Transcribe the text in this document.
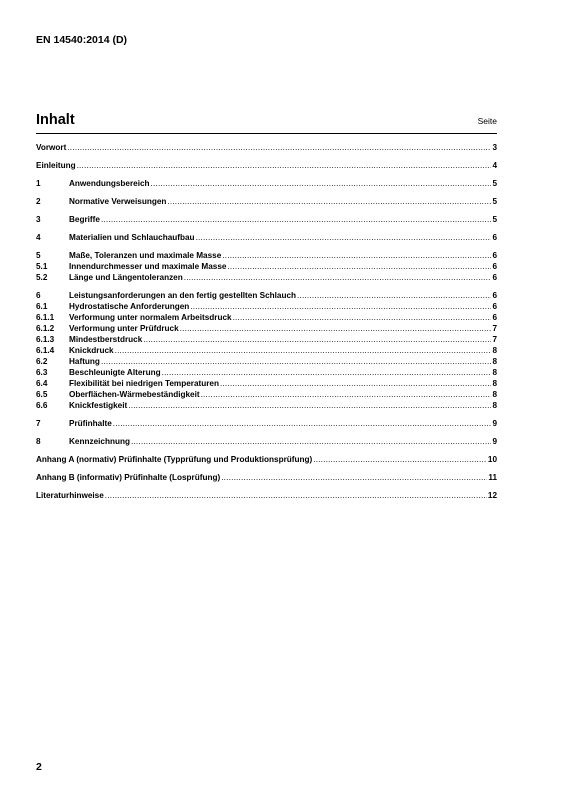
EN 14540:2014 (D)
Inhalt	Seite
Vorwort .....	3
Einleitung .....	4
1	Anwendungsbereich .....	5
2	Normative Verweisungen .....	5
3	Begriffe .....	5
4	Materialien und Schlauchaufbau .....	6
5	Maße, Toleranzen und maximale Masse .....	6
5.1	Innendurchmesser und maximale Masse .....	6
5.2	Länge und Längentoleranzen .....	6
6	Leistungsanforderungen an den fertig gestellten Schlauch .....	6
6.1	Hydrostatische Anforderungen .....	6
6.1.1	Verformung unter normalem Arbeitsdruck .....	6
6.1.2	Verformung unter Prüfdruck .....	7
6.1.3	Mindestberstdruck .....	7
6.1.4	Knickdruck .....	8
6.2	Haftung .....	8
6.3	Beschleunigte Alterung .....	8
6.4	Flexibilität bei niedrigen Temperaturen .....	8
6.5	Oberflächen-Wärmebeständigkeit .....	8
6.6	Knickfestigkeit .....	8
7	Prüfinhalte .....	9
8	Kennzeichnung .....	9
Anhang A (normativ) Prüfinhalte (Typprüfung und Produktionsprüfung) .....	10
Anhang B (informativ) Prüfinhalte (Losprüfung) .....	11
Literaturhinweise .....	12
2
